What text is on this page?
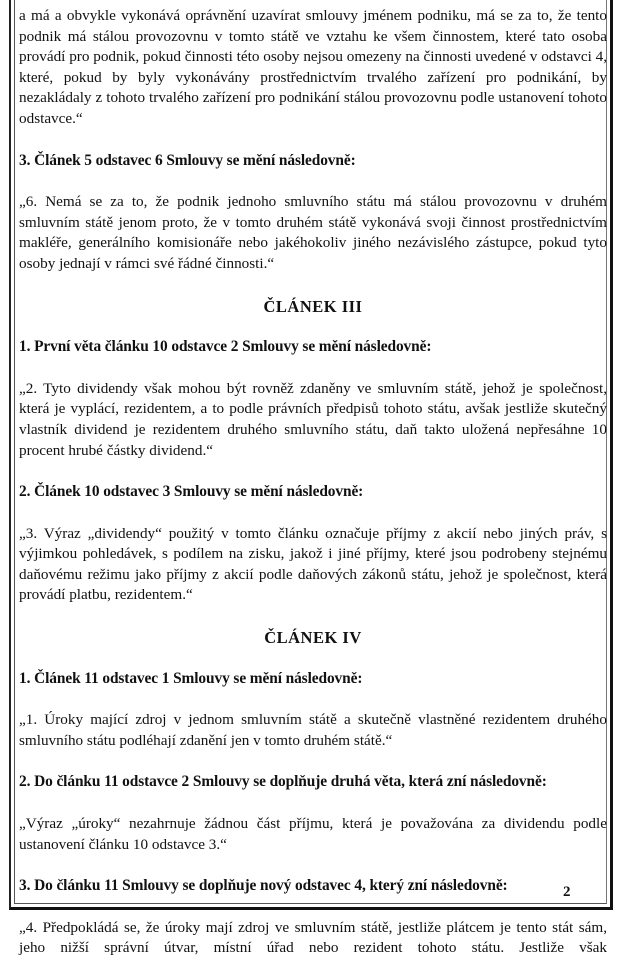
a má a obvykle vykonává oprávnění uzavírat smlouvy jménem podniku, má se za to, že tento podnik má stálou provozovnu v tomto státě ve vztahu ke všem činnostem, které tato osoba provádí pro podnik, pokud činnosti této osoby nejsou omezeny na činnosti uvedené v odstavci 4, které, pokud by byly vykonávány prostřednictvím trvalého zařízení pro podnikání, by nezakládaly z tohoto trvalého zařízení pro podnikání stálou provozovnu podle ustanovení tohoto odstavce.“

3. Článek 5 odstavec 6 Smlouvy se mění následovně:

„6. Nemá se za to, že podnik jednoho smluvního státu má stálou provozovnu v druhém smluvním státě jenom proto, že v tomto druhém státě vykonává svoji činnost prostřednictvím makléře, generálního komisionáře nebo jakéhokoliv jiného nezávislého zástupce, pokud tyto osoby jednají v rámci své řádné činnosti.“

ČLÁNEK III

1. První věta článku 10 odstavce 2 Smlouvy se mění následovně:

„2. Tyto dividendy však mohou být rovněž zdaněny ve smluvním státě, jehož je společnost, která je vyplácí, rezidentem, a to podle právních předpisů tohoto státu, avšak jestliže skutečný vlastník dividend je rezidentem druhého smluvního státu, daň takto uložená nepřesáhne 10 procent hrubé částky dividend.“

2. Článek 10 odstavec 3 Smlouvy se mění následovně:

„3. Výraz „dividendy“ použitý v tomto článku označuje příjmy z akcií nebo jiných práv, s výjimkou pohledávek, s podílem na zisku, jakož i jiné příjmy, které jsou podrobeny stejnému daňovému režimu jako příjmy z akcií podle daňových zákonů státu, jehož je společnost, která provádí platbu, rezidentem.“

ČLÁNEK IV

1. Článek 11 odstavec 1 Smlouvy se mění následovně:

„1. Úroky mající zdroj v jednom smluvním státě a skutečně vlastněné rezidentem druhého smluvního státu podléhají zdanění jen v tomto druhém státě.“

2. Do článku 11 odstavce 2 Smlouvy se doplňuje druhá věta, která zní následovně:

„Výraz „úroky“ nezahrnuje žádnou část příjmu, která je považována za dividendu podle ustanovení článku 10 odstavce 3.“

3. Do článku 11 Smlouvy se doplňuje nový odstavec 4, který zní následovně:

„4. Předpokládá se, že úroky mají zdroj ve smluvním státě, jestliže plátcem je tento stát sám, jeho nižší správní útvar, místní úřad nebo rezident tohoto státu. Jestliže však

2
